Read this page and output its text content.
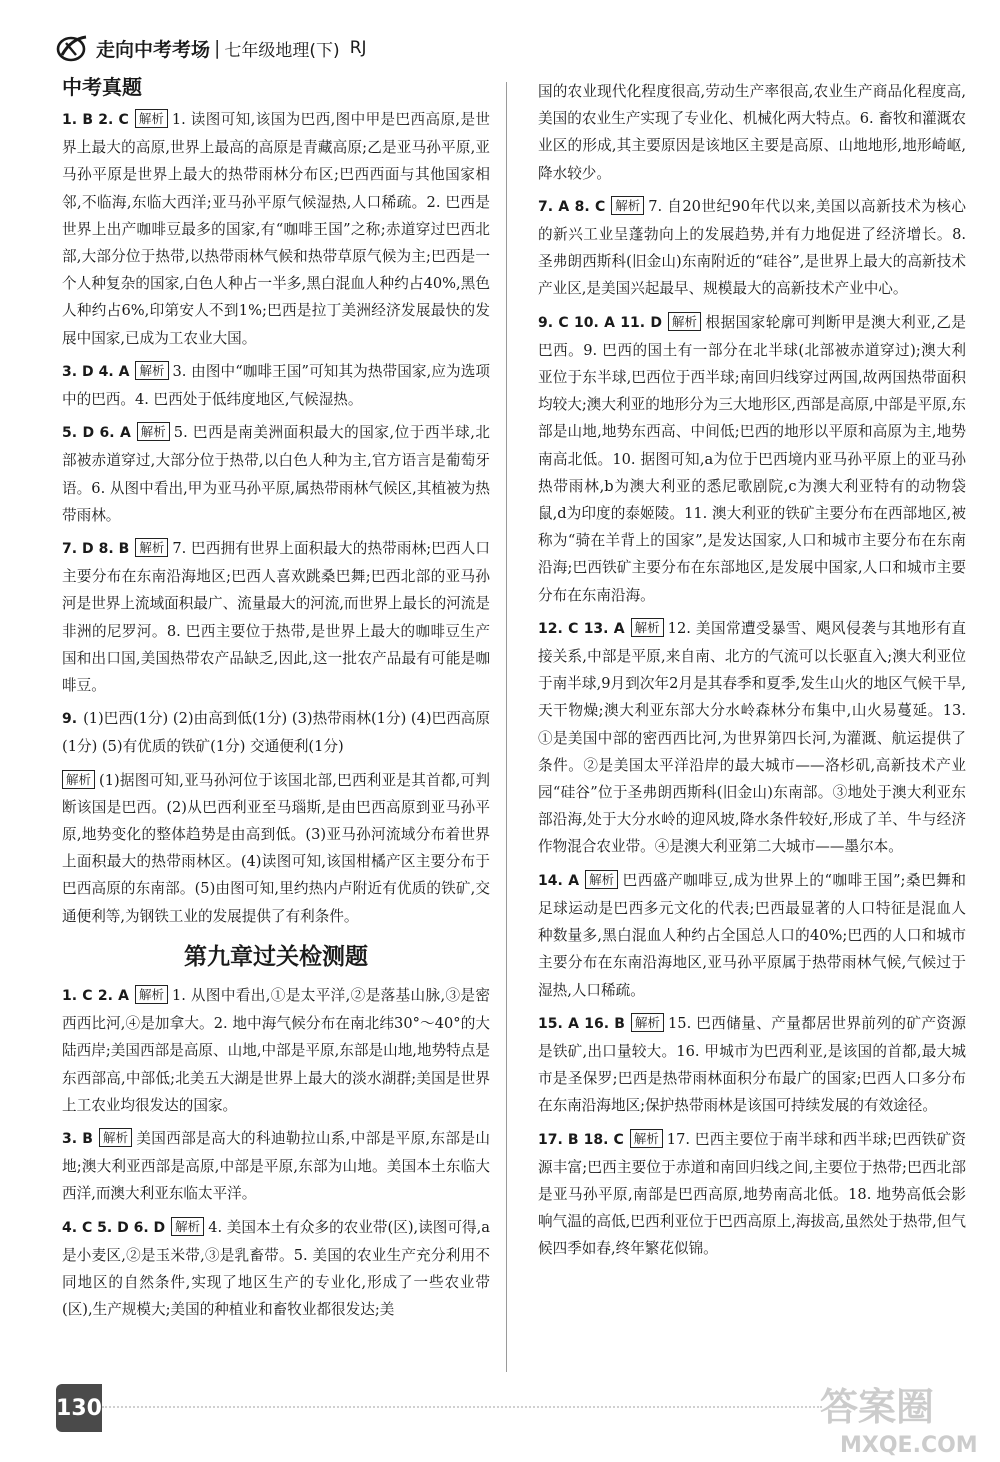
走向中考考场 | 七年级地理(下) RJ
中考真题
1. B 2. C 解析 1. 读图可知,该国为巴西,图中甲是巴西高原,是世界上最大的高原,世界上最高的高原是青藏高原;乙是亚马孙平原,亚马孙平原是世界上最大的热带雨林分布区;巴西西面与其他国家相邻,不临海,东临大西洋;亚马孙平原气候湿热,人口稀疏。2. 巴西是世界上出产咖啡豆最多的国家,有“咖啡王国”之称;赤道穿过巴西北部,大部分位于热带,以热带雨林气候和热带草原气候为主;巴西是一个人种复杂的国家,白色人种占一半多,黑白混血人种约占40%,黑色人种约占6%,印第安人不到1%;巴西是拉丁美洲经济发展最快的发展中国家,已成为工农业大国。
3. D 4. A 解析 3. 由图中“咖啡王国”可知其为热带国家,应为选项中的巴西。4. 巴西处于低纬度地区,气候湿热。
5. D 6. A 解析 5. 巴西是南美洲面积最大的国家,位于西半球,北部被赤道穿过,大部分位于热带,以白色人种为主,官方语言是葡萄牙语。6. 从图中看出,甲为亚马孙平原,属热带雨林气候区,其植被为热带雨林。
7. D 8. B 解析 7. 巴西拥有世界上面积最大的热带雨林;巴西人口主要分布在东南沿海地区;巴西人喜欢跳桑巴舞;巴西北部的亚马孙河是世界上流域面积最广、流量最大的河流,而世界上最长的河流是非洲的尼罗河。8. 巴西主要位于热带,是世界上最大的咖啡豆生产国和出口国,美国热带农产品缺乏,因此,这一批农产品最有可能是咖啡豆。
9. (1)巴西(1分) (2)由高到低(1分) (3)热带雨林(1分) (4)巴西高原(1分) (5)有优质的铁矿(1分) 交通便利(1分)
解析 (1)据图可知,亚马孙河位于该国北部,巴西利亚是其首都,可判断该国是巴西。(2)从巴西利亚至马瑙斯,是由巴西高原到亚马孙平原,地势变化的整体趋势是由高到低。(3)亚马孙河流域分布着世界上面积最大的热带雨林区。(4)读图可知,该国柑橘产区主要分布于巴西高原的东南部。(5)由图可知,里约热内卢附近有优质的铁矿,交通便利等,为钢铁工业的发展提供了有利条件。
第九章过关检测题
1. C 2. A 解析 1. 从图中看出,①是太平洋,②是落基山脉,③是密西西比河,④是加拿大。2. 地中海气候分布在南北纬30°～40°的大陆西岸;美国西部是高原、山地,中部是平原,东部是山地,地势特点是东西部高,中部低;北美五大湖是世界上最大的淡水湖群;美国是世界上工农业均很发达的国家。
3. B 解析 美国西部是高大的科迪勒拉山系,中部是平原,东部是山地;澳大利亚西部是高原,中部是平原,东部为山地。美国本土东临大西洋,而澳大利亚东临太平洋。
4. C 5. D 6. D 解析 4. 美国本土有众多的农业带(区),读图可得,a是小麦区,②是玉米带,③是乳畜带。5. 美国的农业生产充分利用不同地区的自然条件,实现了地区生产的专业化,形成了一些农业带(区),生产规模大;美国的种植业和畜牧业都很发达;美
国的农业现代化程度很高,劳动生产率很高,农业生产商品化程度高,美国的农业生产实现了专业化、机械化两大特点。6. 畜牧和灌溉农业区的形成,其主要原因是该地区主要是高原、山地地形,地形崎岖,降水较少。
7. A 8. C 解析 7. 自20世纪90年代以来,美国以高新技术为核心的新兴工业呈蓬勃向上的发展趋势,并有力地促进了经济增长。8. 圣弗朗西斯科(旧金山)东南附近的“硅谷”,是世界上最大的高新技术产业区,是美国兴起最早、规模最大的高新技术产业中心。
9. C 10. A 11. D 解析 根据国家轮廓可判断甲是澳大利亚,乙是巴西。9. 巴西的国土有一部分在北半球(北部被赤道穿过);澳大利亚位于东半球,巴西位于西半球;南回归线穿过两国,故两国热带面积均较大;澳大利亚的地形分为三大地形区,西部是高原,中部是平原,东部是山地,地势东西高、中间低;巴西的地形以平原和高原为主,地势南高北低。10. 据图可知,a为位于巴西境内亚马孙平原上的亚马孙热带雨林,b为澳大利亚的悉尼歌剧院,c为澳大利亚特有的动物袋鼠,d为印度的泰姬陵。11. 澳大利亚的铁矿主要分布在西部地区,被称为“骑在羊背上的国家”,是发达国家,人口和城市主要分布在东南沿海;巴西铁矿主要分布在东部地区,是发展中国家,人口和城市主要分布在东南沿海。
12. C 13. A 解析 12. 美国常遭受暴雪、飓风侵袭与其地形有直接关系,中部是平原,来自南、北方的气流可以长驱直入;澳大利亚位于南半球,9月到次年2月是其春季和夏季,发生山火的地区气候干旱,天干物燥;澳大利亚东部大分水岭森林分布集中,山火易蔓延。13. ①是美国中部的密西西比河,为世界第四长河,为灌溉、航运提供了条件。②是美国太平洋沿岸的最大城市——洛杉矶,高新技术产业园“硅谷”位于圣弗朗西斯科(旧金山)东南部。③地处于澳大利亚东部沿海,处于大分水岭的迎风坡,降水条件较好,形成了羊、牛与经济作物混合农业带。④是澳大利亚第二大城市——墨尔本。
14. A 解析 巴西盛产咖啡豆,成为世界上的“咖啡王国”;桑巴舞和足球运动是巴西多元文化的代表;巴西最显著的人口特征是混血人种数量多,黑白混血人种约占全国总人口的40%;巴西的人口和城市主要分布在东南沿海地区,亚马孙平原属于热带雨林气候,气候过于湿热,人口稀疏。
15. A 16. B 解析 15. 巴西储量、产量都居世界前列的矿产资源是铁矿,出口量较大。16. 甲城市为巴西利亚,是该国的首都,最大城市是圣保罗;巴西是热带雨林面积分布最广的国家;巴西人口多分布在东南沿海地区;保护热带雨林是该国可持续发展的有效途径。
17. B 18. C 解析 17. 巴西主要位于南半球和西半球;巴西铁矿资源丰富;巴西主要位于赤道和南回归线之间,主要位于热带;巴西北部是亚马孙平原,南部是巴西高原,地势南高北低。18. 地势高低会影响气温的高低,巴西利亚位于巴西高原上,海拔高,虽然处于热带,但气候四季如春,终年繁花似锦。
130	答案圈
MXQE.COM
